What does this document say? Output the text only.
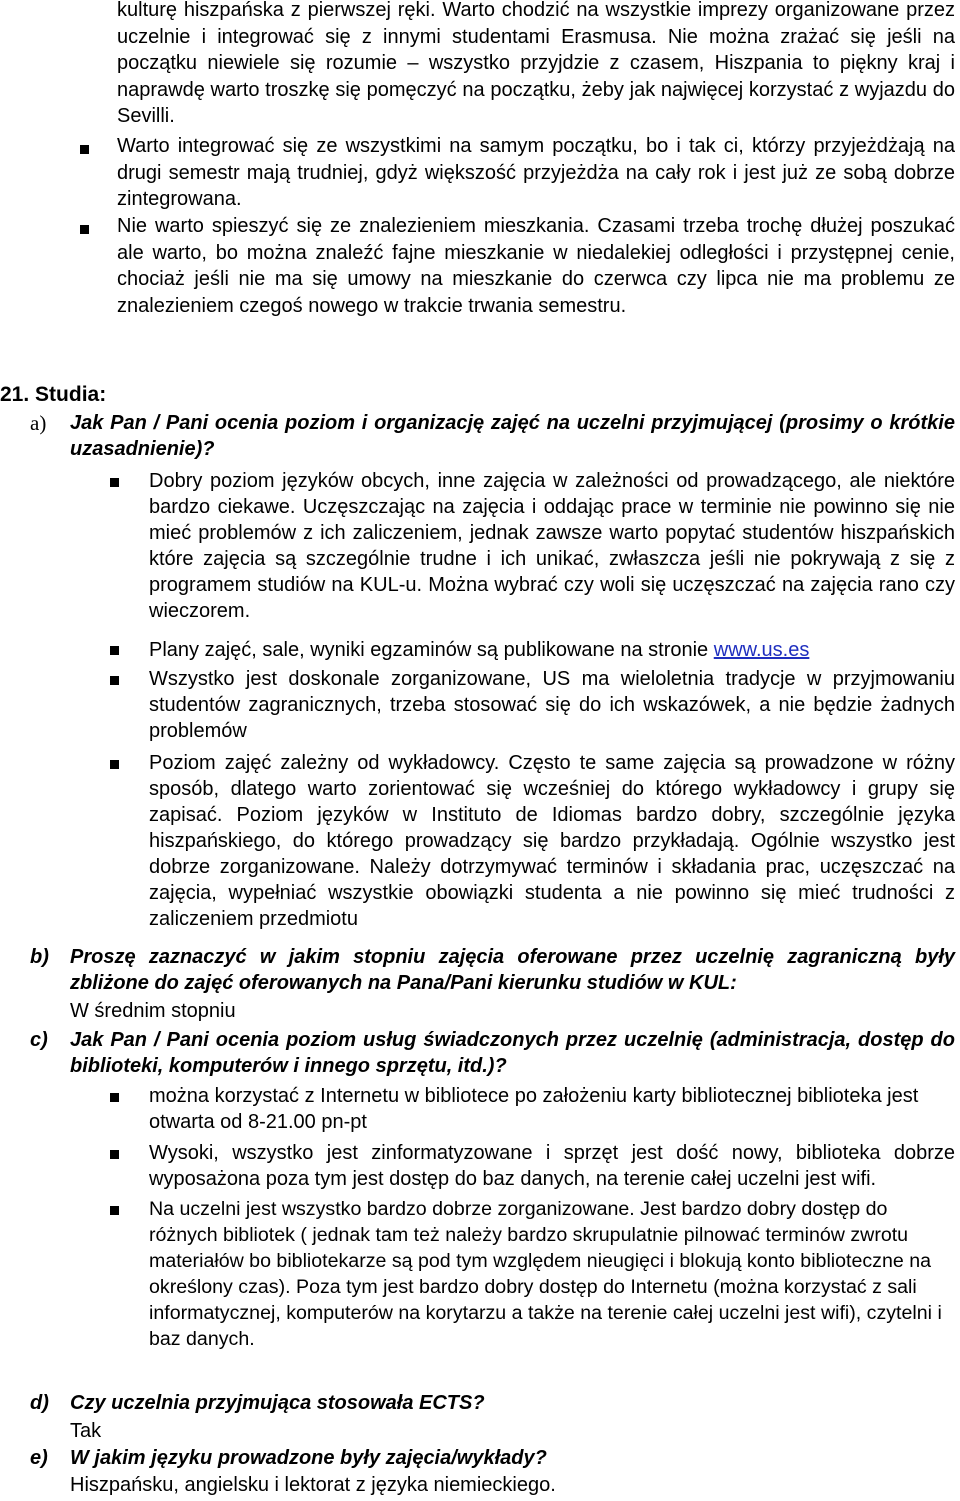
kulturę hiszpańska z pierwszej ręki. Warto chodzić na wszystkie imprezy organizowane przez uczelnie i integrować się z innymi studentami Erasmusa. Nie można zrażać się jeśli na początku niewiele się rozumie – wszystko przyjdzie z czasem, Hiszpania to piękny kraj i naprawdę warto troszkę się pomęczyć na początku, żeby jak najwięcej korzystać z wyjazdu do Sevilli.
Warto integrować się ze wszystkimi na samym początku, bo i tak ci, którzy przyjeżdżają na drugi semestr mają trudniej, gdyż większość przyjeżdża na cały rok i jest już ze sobą dobrze zintegrowana.
Nie warto spieszyć się ze znalezieniem mieszkania. Czasami trzeba trochę dłużej poszukać ale warto, bo można znaleźć fajne mieszkanie w niedalekiej odległości i przystępnej cenie, chociaż jeśli nie ma się umowy na mieszkanie do czerwca czy lipca nie ma problemu ze znalezieniem czegoś nowego w trakcie trwania semestru.
21. Studia:
a) Jak Pan / Pani ocenia poziom i organizację zajęć na uczelni przyjmującej (prosimy o krótkie uzasadnienie)?
Dobry poziom języków obcych, inne zajęcia w zależności od prowadzącego, ale niektóre bardzo ciekawe. Uczęszczając na zajęcia i oddając prace w terminie nie powinno się nie mieć problemów z ich zaliczeniem, jednak zawsze warto popytać studentów hiszpańskich które zajęcia są szczególnie trudne i ich unikać, zwłaszcza jeśli nie pokrywają z się z programem studiów na KUL-u. Można wybrać czy woli się uczęszczać na zajęcia rano czy wieczorem.
Plany zajęć, sale, wyniki egzaminów są publikowane na stronie www.us.es
Wszystko jest doskonale zorganizowane, US ma wieloletnia tradycje w przyjmowaniu studentów zagranicznych, trzeba stosować się do ich wskazówek, a nie będzie żadnych problemów
Poziom zajęć zależny od wykładowcy. Często te same zajęcia są prowadzone w różny sposób, dlatego warto zorientować się wcześniej do którego wykładowcy i grupy się zapisać. Poziom języków w Instituto de Idiomas bardzo dobry, szczególnie języka hiszpańskiego, do którego prowadzący się bardzo przykładają. Ogólnie wszystko jest dobrze zorganizowane. Należy dotrzymywać terminów i składania prac, uczęszczać na zajęcia, wypełniać wszystkie obowiązki studenta a nie powinno się mieć trudności z zaliczeniem przedmiotu
b) Proszę zaznaczyć w jakim stopniu zajęcia oferowane przez uczelnię zagraniczną były zbliżone do zajęć oferowanych na Pana/Pani kierunku studiów w KUL:
W średnim stopniu
c) Jak Pan / Pani ocenia poziom usług świadczonych przez uczelnię (administracja, dostęp do biblioteki, komputerów i innego sprzętu, itd.)?
można korzystać z Internetu w bibliotece po założeniu karty bibliotecznej biblioteka jest otwarta od 8-21.00 pn-pt
Wysoki, wszystko jest zinformatyzowane i sprzęt jest dość nowy, biblioteka dobrze wyposażona poza tym jest dostęp do baz danych, na terenie całej uczelni jest wifi.
Na uczelni jest wszystko bardzo dobrze zorganizowane. Jest bardzo dobry dostęp do różnych bibliotek ( jednak tam też należy bardzo skrupulatnie pilnować terminów zwrotu materiałów bo bibliotekarze są pod tym względem nieugięci i blokują konto biblioteczne na określony czas). Poza tym jest bardzo dobry dostęp do Internetu (można korzystać z sali informatycznej, komputerów na korytarzu a także na terenie całej uczelni jest wifi), czytelni i baz danych.
d) Czy uczelnia przyjmująca stosowała ECTS?
Tak
e) W jakim języku prowadzone były zajęcia/wykłady?
Hiszpańsku, angielsku i lektorat z języka niemieckiego.
